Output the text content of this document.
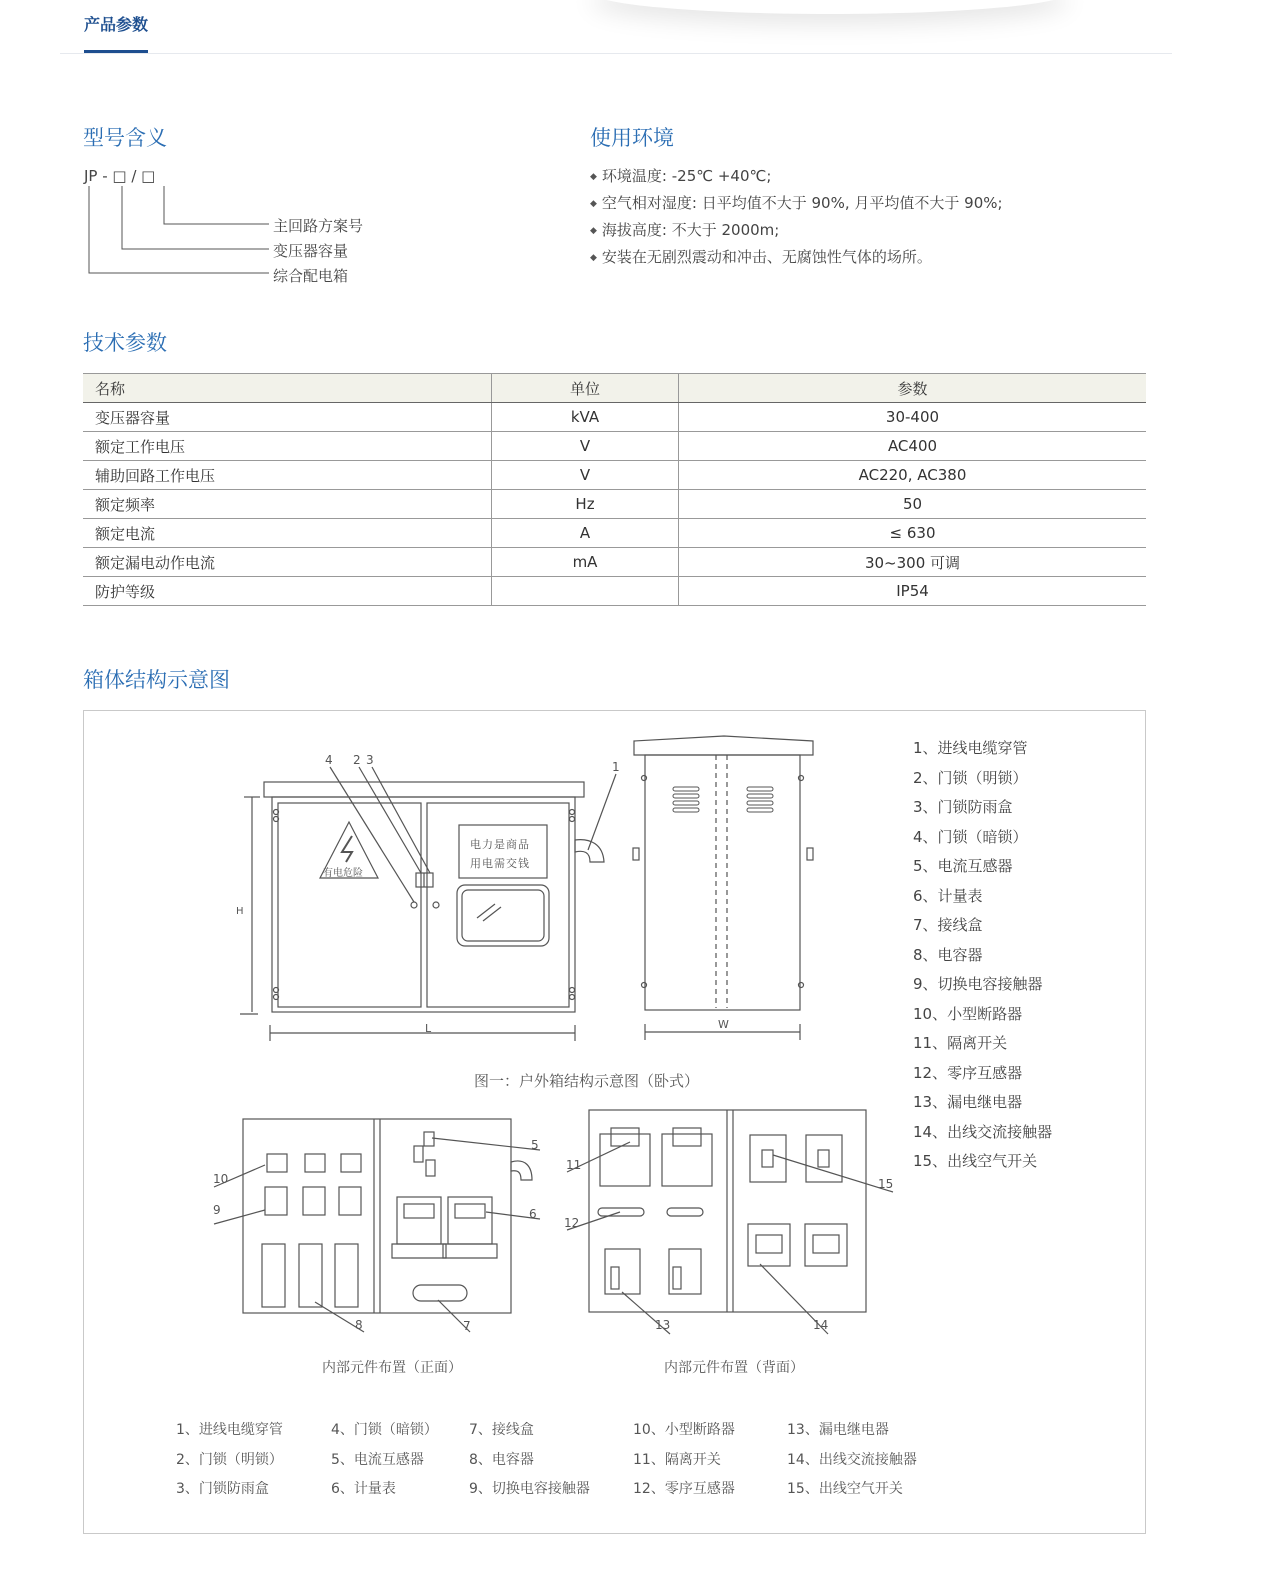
产品参数
型号含义
JP - □ / □
主回路方案号
变压器容量
综合配电箱
使用环境
◆ 环境温度: -25℃ +40℃;
◆ 空气相对湿度: 日平均值不大于 90%, 月平均值不大于 90%;
◆ 海拔高度: 不大于 2000m;
◆ 安装在无剧烈震动和冲击、无腐蚀性气体的场所。
技术参数
名称	单位	参数
变压器容量	kVA	30-400
额定工作电压	V	AC400
辅助回路工作电压	V	AC220, AC380
额定频率	Hz	50
额定电流	A	≤ 630
额定漏电动作电流	mA	30~300 可调
防护等级		IP54
箱体结构示意图
有电危险
电力是商品
用电需交钱
H
L	W
1
2 3
4
5
6
7
8
9
10
11
12
13	14
15
图一：户外箱结构示意图（卧式）
内部元件布置（正面）	内部元件布置（背面）
1、进线电缆穿管
2、门锁（明锁）
3、门锁防雨盒
4、门锁（暗锁）
5、电流互感器
6、计量表
7、接线盒
8、电容器
9、切换电容接触器
10、小型断路器
11、隔离开关
12、零序互感器
13、漏电继电器
14、出线交流接触器
15、出线空气开关
1、进线电缆穿管
2、门锁（明锁）
3、门锁防雨盒
4、门锁（暗锁）
5、电流互感器
6、计量表
7、接线盒
8、电容器
9、切换电容接触器
10、小型断路器
11、隔离开关
12、零序互感器
13、漏电继电器
14、出线交流接触器
15、出线空气开关
